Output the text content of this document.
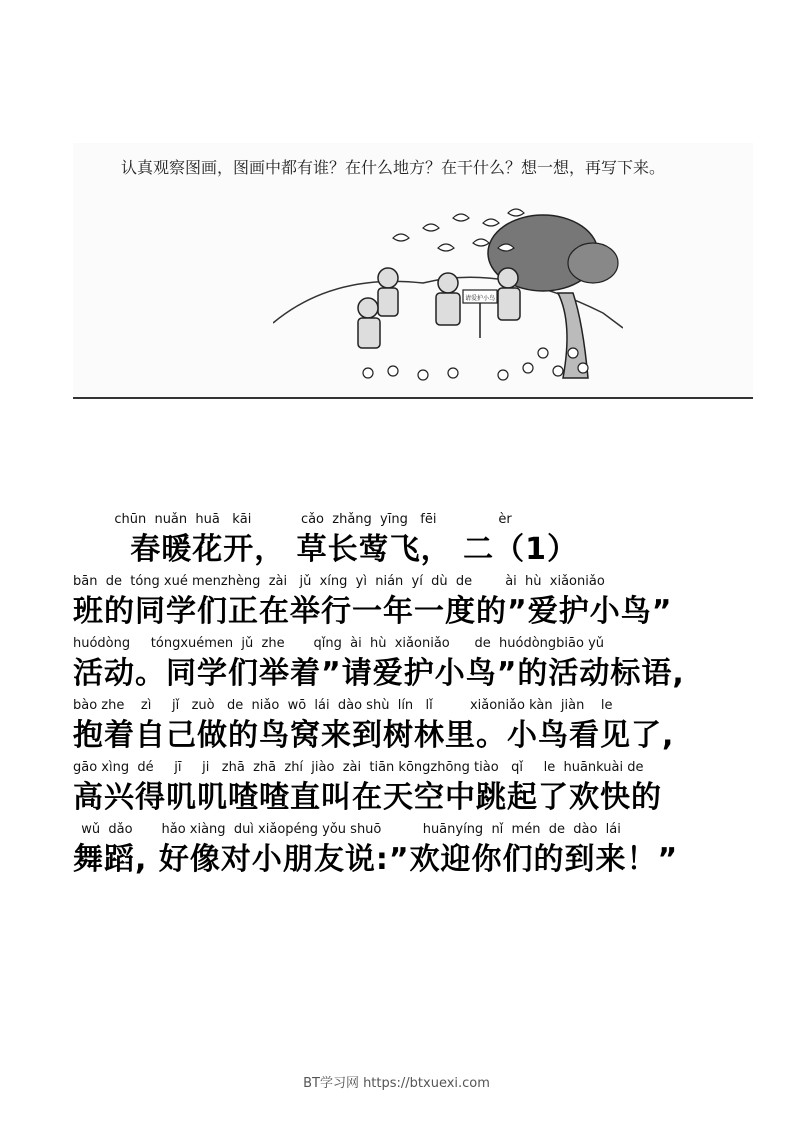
认真观察图画，图画中都有谁？在什么地方？在干什么？想一想，再写下来。
请爱护小鸟
chūn  nuǎn  huā   kāi            cǎo  zhǎng  yīng   fēi               èr
春暖花开， 草长莺飞， 二（1）
bān  de  tóng xué menzhèng  zài   jǔ  xíng  yì  nián  yí  dù  de        ài  hù  xiǎoniǎo
班的同学们正在举行一年一度的”爱护小鸟”
huódòng     tóngxuémen  jǔ  zhe       qǐng  ài  hù  xiǎoniǎo      de  huódòngbiāo yǔ
活动。同学们举着”请爱护小鸟”的活动标语,
bào zhe    zì     jǐ   zuò   de  niǎo  wō  lái  dào shù  lín   lǐ         xiǎoniǎo kàn  jiàn    le
抱着自己做的鸟窝来到树林里。小鸟看见了,
gāo xìng  dé     jī     ji   zhā  zhā  zhí  jiào  zài  tiān kōngzhōng tiào   qǐ     le  huānkuài de
高兴得叽叽喳喳直叫在天空中跳起了欢快的
wǔ  dǎo       hǎo xiàng  duì xiǎopéng yǒu shuō          huānyíng  nǐ  mén  de  dào  lái
舞蹈, 好像对小朋友说:”欢迎你们的到来！”
BT学习网 https://btxuexi.com
